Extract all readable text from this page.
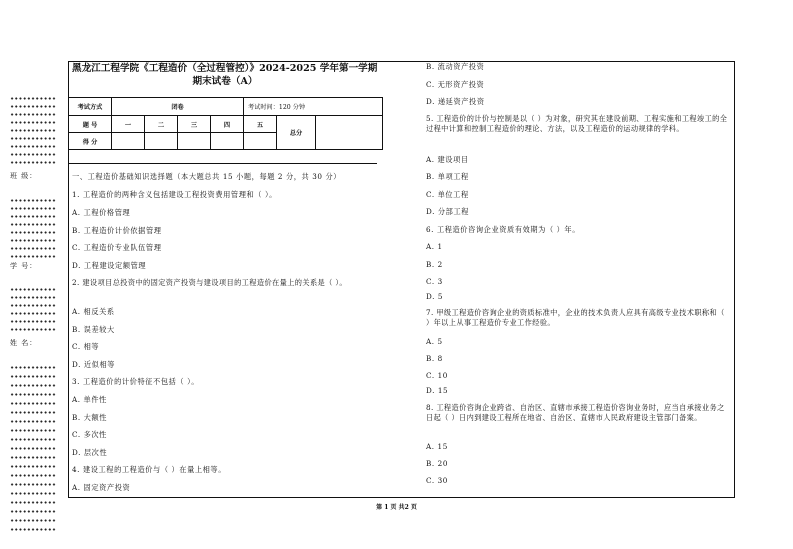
班 级：
学 号：
姓 名：
黑龙江工程学院《工程造价（全过程管控）》2024-2025 学年第一学期
期末试卷（A）
考试方式	闭卷				考试时间：120 分钟		
题 号	一	二	三	四	五	总分	
得 分							
一、工程造价基础知识选择题（本大题总共 15 小题，每题 2 分，共 30 分）
1. 工程造价的两种含义包括建设工程投资费用管理和（ ）。
A. 工程价格管理
B. 工程造价计价依据管理
C. 工程造价专业队伍管理
D. 工程建设定额管理
2. 建设项目总投资中的固定资产投资与建设项目的工程造价在量上的关系是（ ）。
A. 相反关系
B. 误差较大
C. 相等
D. 近似相等
3. 工程造价的计价特征不包括（ ）。
A. 单件性
B. 大额性
C. 多次性
D. 层次性
4. 建设工程的工程造价与（ ）在量上相等。
A. 固定资产投资
B. 流动资产投资
C. 无形资产投资
D. 递延资产投资
5. 工程造价的计价与控制是以（ ）为对象，研究其在建设前期、工程实施和工程竣工的全过程中计算和控制工程造价的理论、方法，以及工程造价的运动规律的学科。
A. 建设项目
B. 单项工程
C. 单位工程
D. 分部工程
6. 工程造价咨询企业资质有效期为（ ）年。
A. 1
B. 2
C. 3
D. 5
7. 甲级工程造价咨询企业的资质标准中，企业的技术负责人应具有高级专业技术职称和（ ）年以上从事工程造价专业工作经验。
A. 5
B. 8
C. 10
D. 15
8. 工程造价咨询企业跨省、自治区、直辖市承接工程造价咨询业务时，应当自承接业务之日起（ ）日内到建设工程所在地省、自治区、直辖市人民政府建设主管部门备案。
A. 15
B. 20
C. 30
第 1 页 共2 页
